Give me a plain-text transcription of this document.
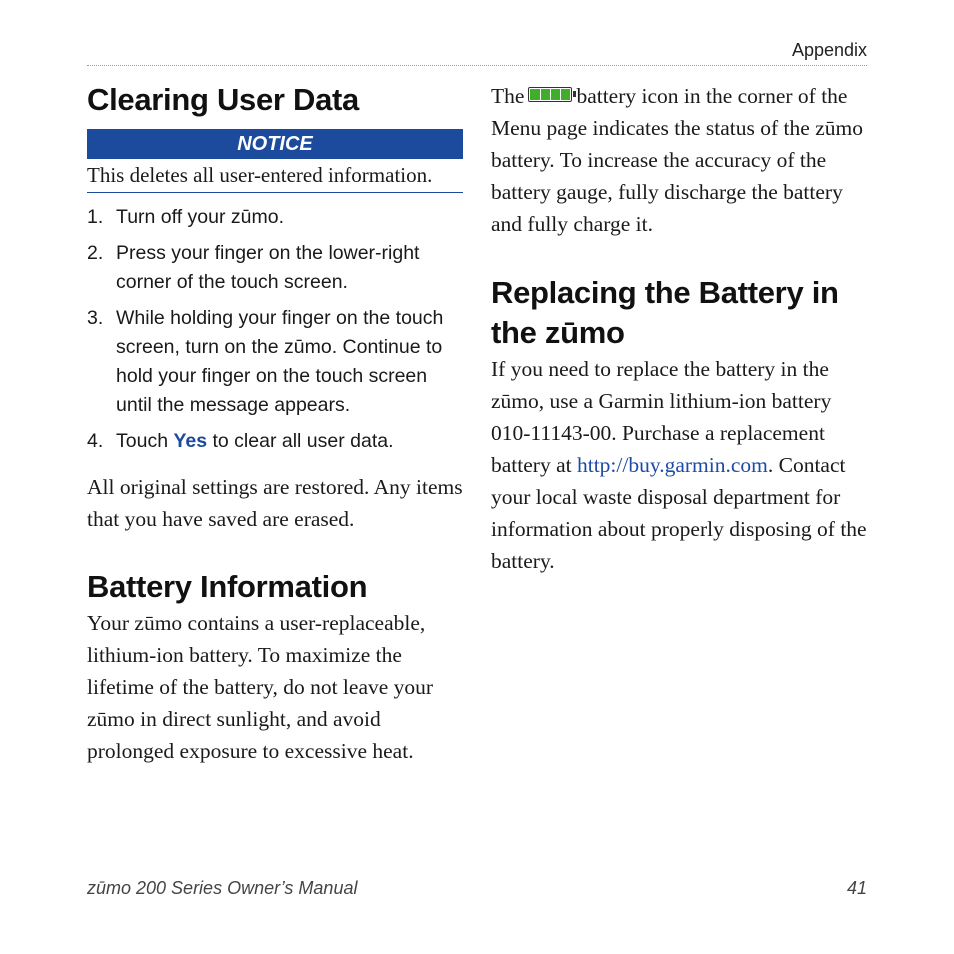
Appendix
Clearing User Data
NOTICE
This deletes all user-entered information.
1. Turn off your zūmo.
2. Press your finger on the lower-right corner of the touch screen.
3. While holding your finger on the touch screen, turn on the zūmo. Continue to hold your finger on the touch screen until the message appears.
4. Touch Yes to clear all user data.

All original settings are restored. Any items that you have saved are erased.

Battery Information

Your zūmo contains a user-replaceable, lithium-ion battery. To maximize the lifetime of the battery, do not leave your zūmo in direct sunlight, and avoid prolonged exposure to excessive heat.

The battery icon in the corner of the Menu page indicates the status of the zūmo battery. To increase the accuracy of the battery gauge, fully discharge the battery and fully charge it.

Replacing the Battery in the zūmo

If you need to replace the battery in the zūmo, use a Garmin lithium-ion battery 010-11143-00. Purchase a replacement battery at http://buy.garmin.com. Contact your local waste disposal department for information about properly disposing of the battery.

zūmo 200 Series Owner’s Manual	41
